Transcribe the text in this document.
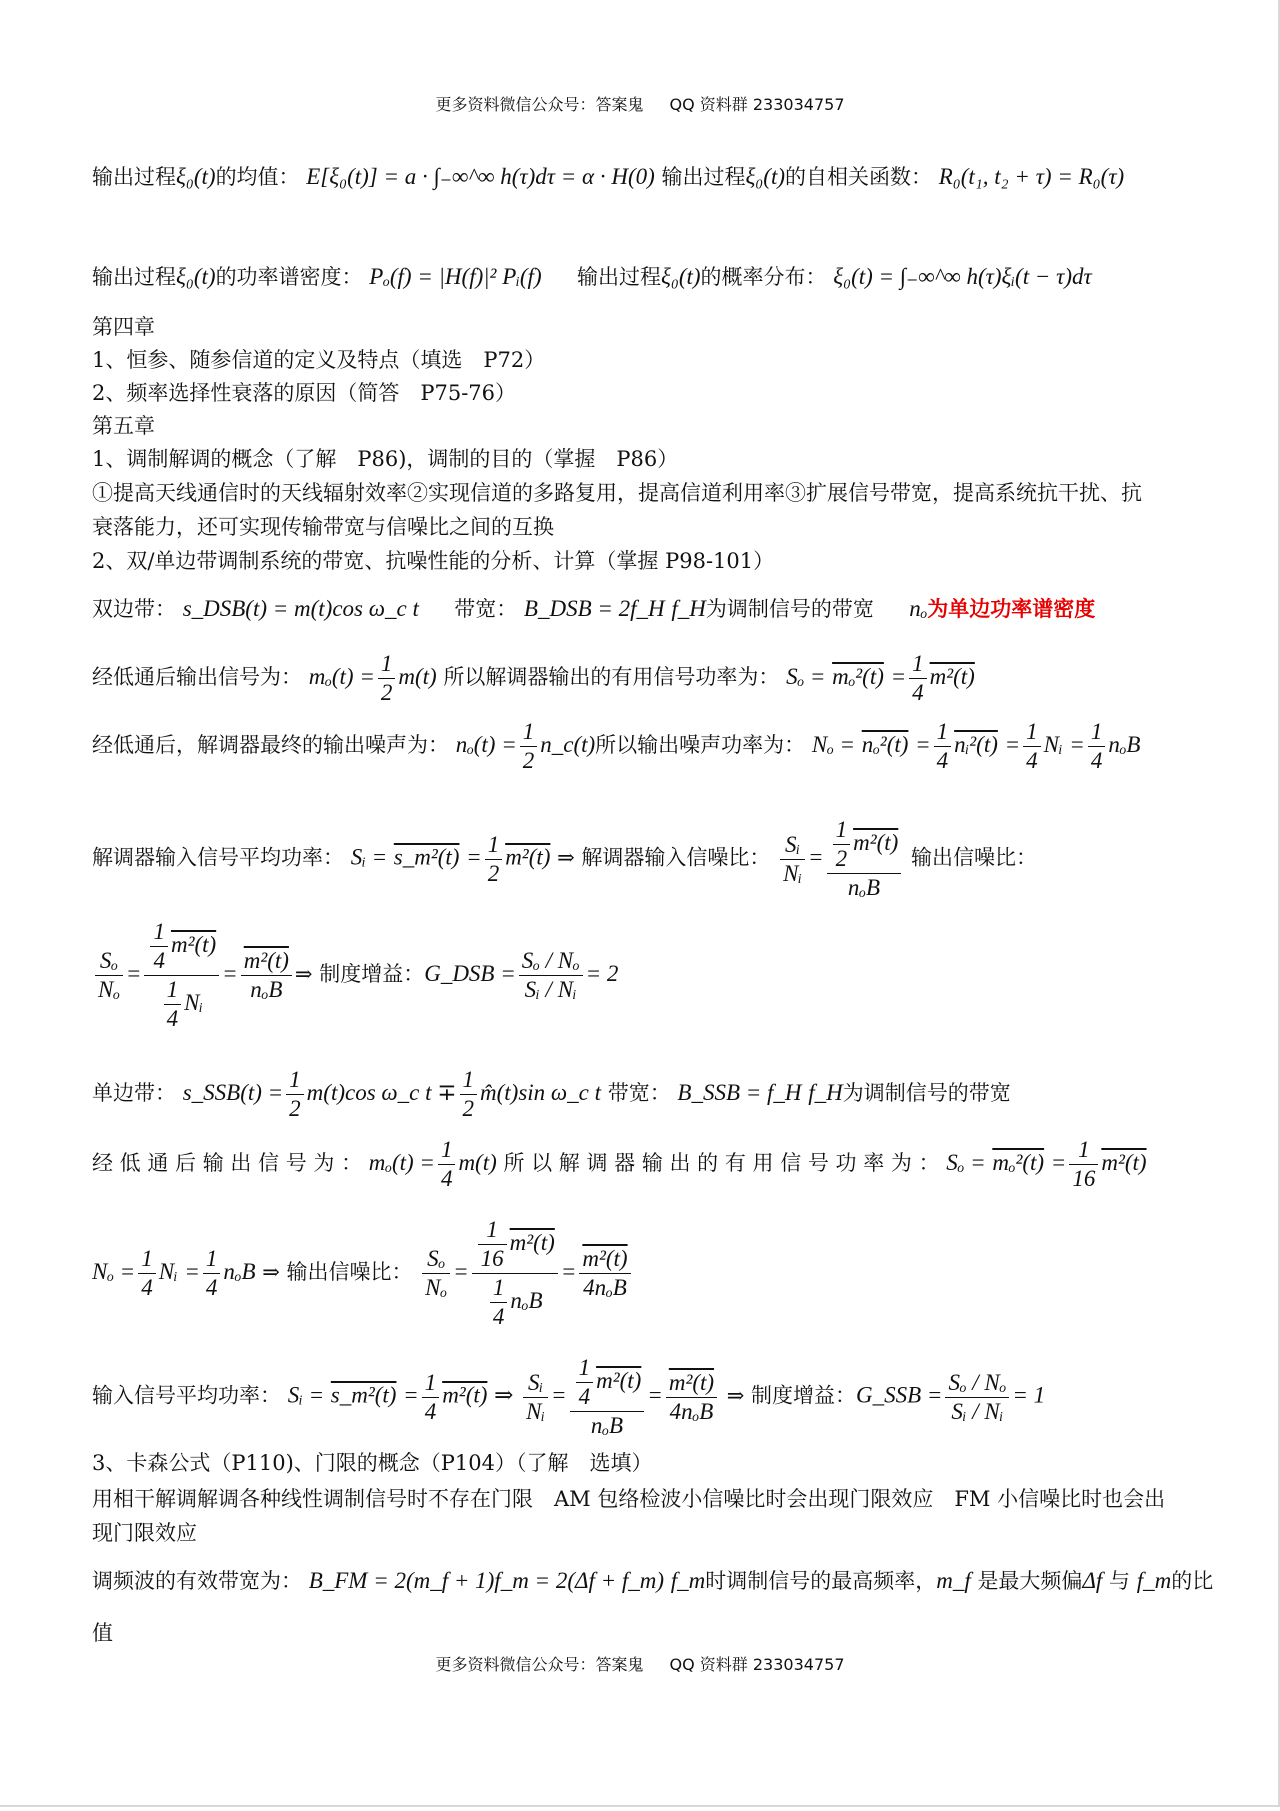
更多资料微信公众号：答案鬼 QQ 资料群 233034757
输出过程ξ₀(t)的均值： E[ξ₀(t)] = a · ∫₋∞^∞ h(τ)dτ = α · H(0) 输出过程ξ₀(t)的自相关函数： R₀(t₁, t₂ + τ) = R₀(τ)
输出过程ξ₀(t)的功率谱密度： Pₒ(f) = |H(f)|² Pᵢ(f) 输出过程ξ₀(t)的概率分布： ξ₀(t) = ∫₋∞^∞ h(τ)ξᵢ(t − τ)dτ
第四章
1、恒参、随参信道的定义及特点（填选　P72）
2、频率选择性衰落的原因（简答　P75-76）
第五章
1、调制解调的概念（了解　P86)，调制的目的（掌握　P86）
①提高天线通信时的天线辐射效率②实现信道的多路复用，提高信道利用率③扩展信号带宽，提高系统抗干扰、抗
衰落能力，还可实现传输带宽与信噪比之间的互换
2、双/单边带调制系统的带宽、抗噪性能的分析、计算（掌握 P98-101）
双边带： s_DSB(t) = m(t)cos ω_c t 带宽： B_DSB = 2f_H f_H为调制信号的带宽 nₒ为单边功率谱密度
经低通后输出信号为： $m_o(t) = \frac{1}{2} m(t)$ 所以解调器输出的有用信号功率为： $S_o = m_o^2(t) = \frac{1}{4} m^2(t)$
经低通后，解调器最终的输出噪声为： $n_o(t) = \frac{1}{2}$ n_c(t)所以输出噪声功率为： $N_o = n_o^2(t) = \frac{1}{4}$ nᵢ²(t) = $\frac{1}{4}$ Nᵢ = $\frac{1}{4}$ nₒB
解调器输入信号平均功率： Sᵢ = s_m²(t) = $\frac{1}{2} m^2(t)$ ⇒ 解调器输入信噪比： $\frac{\text{Sᵢ}}{\text{Nᵢ}} = \frac{\frac{1}{2} m^2(t)}{\text{nₒB}}$ 输出信噪比：
$\frac{\text{Sₒ}}{\text{Nₒ}} = \frac{\frac{1}{4} m^2(t)}{\frac{1}{4} Nᵢ} = \frac{\text{m²(t)}}{\text{nₒB}}$ ⇒ 制度增益：G_DSB = $\frac{\text{Sₒ / Nₒ}}{\text{Sᵢ / Nᵢ}} = 2$
单边带： s_SSB(t) = $\frac{1}{2} m(t)\cos$ ω_c $t \mp \frac{1}{2}$ m̂(t)sin ω_c t 带宽： B_SSB = f_H f_H为调制信号的带宽
经 低 通 后 输 出 信 号 为 ： $m_o(t) = \frac{1}{4} m(t)$ 所 以 解 调 器 输 出 的 有 用 信 号 功 率 为 ： $S_o = m_o^2(t) = \frac{1}{16} m^2(t)$
$N_o = \frac{1}{4}$ Nᵢ = $\frac{1}{4}$ nₒB ⇒ 输出信噪比： $\frac{\text{Sₒ}}{\text{Nₒ}} = \frac{\frac{1}{16} m^2(t)}{\frac{1}{4} n_oB} = \frac{\text{m²(t)}}{\text{4nₒB}}$
输入信号平均功率： Sᵢ = s_m²(t) = $\frac{1}{4} m^2(t)$ ⇒ $\frac{\text{Sᵢ}}{\text{Nᵢ}} = \frac{\frac{1}{4} m^2(t)}{\text{nₒB}} = \frac{\text{m²(t)}}{\text{4nₒB}}$ ⇒ 制度增益：G_SSB = $\frac{\text{Sₒ / Nₒ}}{\text{Sᵢ / Nᵢ}} = 1$
3、卡森公式（P110)、门限的概念（P104）（了解　选填）
用相干解调解调各种线性调制信号时不存在门限　AM 包络检波小信噪比时会出现门限效应　FM 小信噪比时也会出
现门限效应
调频波的有效带宽为： B_FM = 2(m_f + 1)f_m = 2(Δf + f_m) f_m时调制信号的最高频率，m_f 是最大频偏Δf 与 f_m的比
值
更多资料微信公众号：答案鬼 QQ 资料群 233034757
